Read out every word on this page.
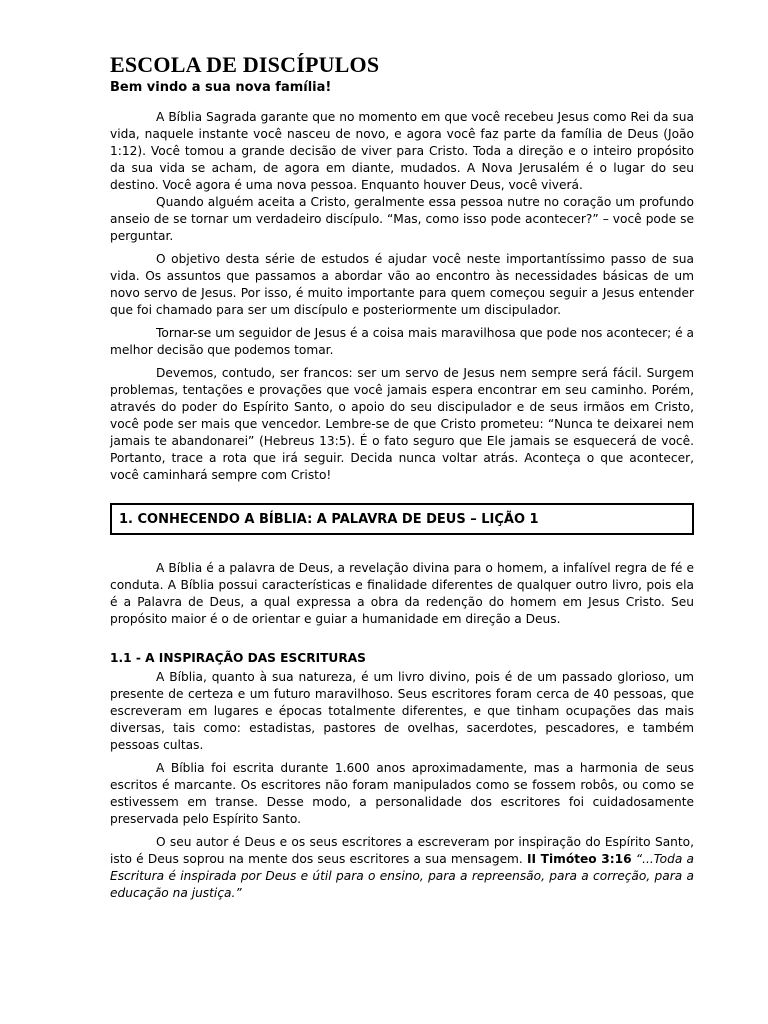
ESCOLA DE DISCÍPULOS
Bem vindo a sua nova família!

A Bíblia Sagrada garante que no momento em que você recebeu Jesus como Rei da sua vida, naquele instante você nasceu de novo, e agora você faz parte da família de Deus (João 1:12). Você tomou a grande decisão de viver para Cristo. Toda a direção e o inteiro propósito da sua vida se acham, de agora em diante, mudados. A Nova Jerusalém é o lugar do seu destino. Você agora é uma nova pessoa. Enquanto houver Deus, você viverá.

Quando alguém aceita a Cristo, geralmente essa pessoa nutre no coração um profundo anseio de se tornar um verdadeiro discípulo. “Mas, como isso pode acontecer?” – você pode se perguntar.

O objetivo desta série de estudos é ajudar você neste importantíssimo passo de sua vida. Os assuntos que passamos a abordar vão ao encontro às necessidades básicas de um novo servo de Jesus. Por isso, é muito importante para quem começou seguir a Jesus entender que foi chamado para ser um discípulo e posteriormente um discipulador.

Tornar-se um seguidor de Jesus é a coisa mais maravilhosa que pode nos acontecer; é a melhor decisão que podemos tomar.

Devemos, contudo, ser francos: ser um servo de Jesus nem sempre será fácil. Surgem problemas, tentações e provações que você jamais espera encontrar em seu caminho. Porém, através do poder do Espírito Santo, o apoio do seu discipulador e de seus irmãos em Cristo, você pode ser mais que vencedor. Lembre-se de que Cristo prometeu: “Nunca te deixarei nem jamais te abandonarei” (Hebreus 13:5). É o fato seguro que Ele jamais se esquecerá de você. Portanto, trace a rota que irá seguir. Decida nunca voltar atrás. Aconteça o que acontecer, você caminhará sempre com Cristo!

1. CONHECENDO A BÍBLIA: A PALAVRA DE DEUS – LIÇÃO 1

A Bíblia é a palavra de Deus, a revelação divina para o homem, a infalível regra de fé e conduta. A Bíblia possui características e finalidade diferentes de qualquer outro livro, pois ela é a Palavra de Deus, a qual expressa a obra da redenção do homem em Jesus Cristo. Seu propósito maior é o de orientar e guiar a humanidade em direção a Deus.

1.1 - A INSPIRAÇÃO DAS ESCRITURAS

A Bíblia, quanto à sua natureza, é um livro divino, pois é de um passado glorioso, um presente de certeza e um futuro maravilhoso. Seus escritores foram cerca de 40 pessoas, que escreveram em lugares e épocas totalmente diferentes, e que tinham ocupações das mais diversas, tais como: estadistas, pastores de ovelhas, sacerdotes, pescadores, e também pessoas cultas.

A Bíblia foi escrita durante 1.600 anos aproximadamente, mas a harmonia de seus escritos é marcante. Os escritores não foram manipulados como se fossem robôs, ou como se estivessem em transe. Desse modo, a personalidade dos escritores foi cuidadosamente preservada pelo Espírito Santo.

O seu autor é Deus e os seus escritores a escreveram por inspiração do Espírito Santo, isto é Deus soprou na mente dos seus escritores a sua mensagem. II Timóteo 3:16 “...Toda a Escritura é inspirada por Deus e útil para o ensino, para a repreensão, para a correção, para a educação na justiça.”
